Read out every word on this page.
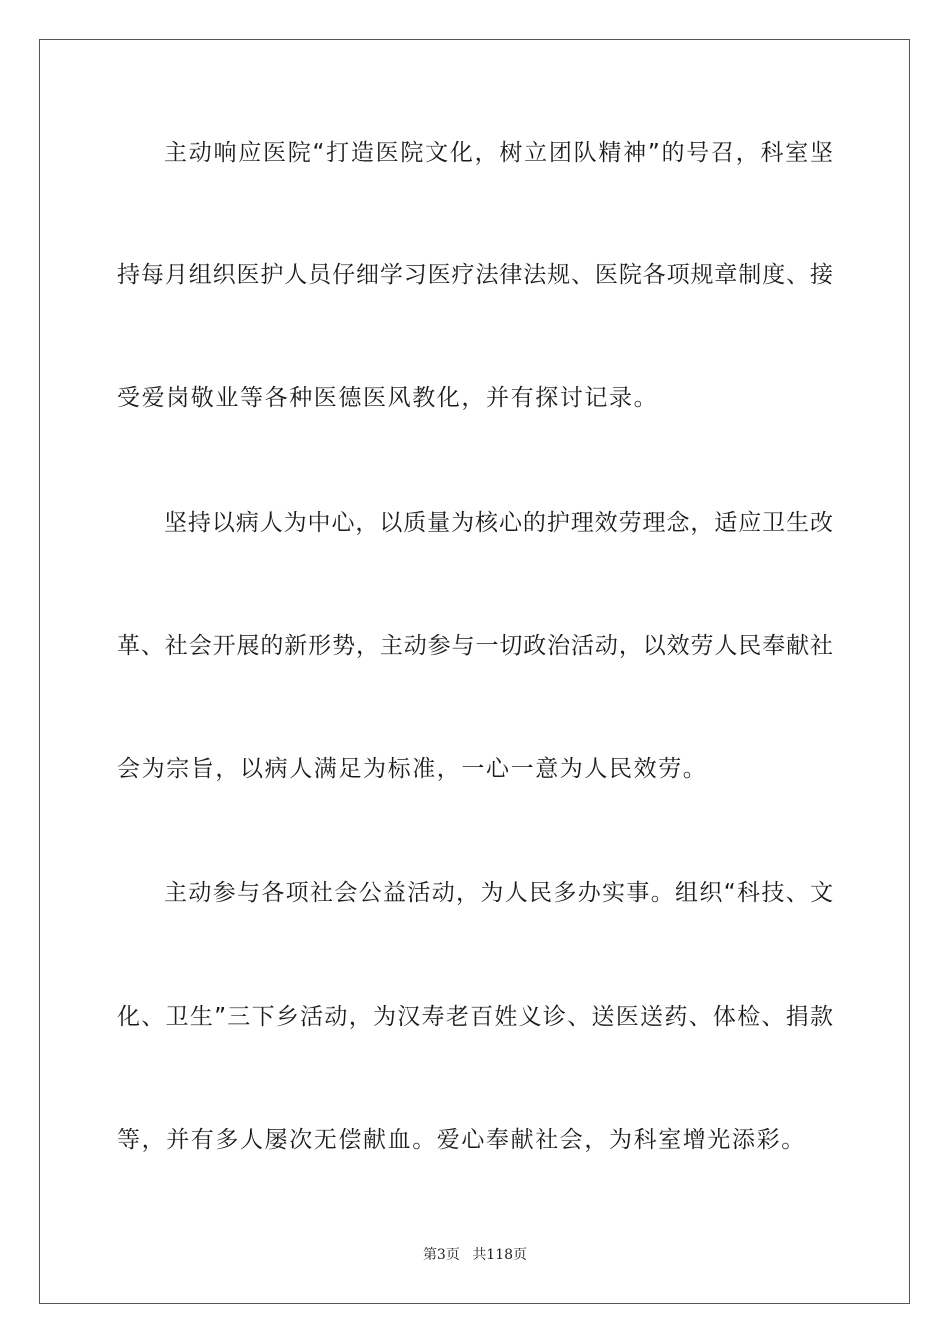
主动响应医院“打造医院文化，树立团队精神”的号召，科室坚
持每月组织医护人员仔细学习医疗法律法规、医院各项规章制度、接
受爱岗敬业等各种医德医风教化，并有探讨记录。
坚持以病人为中心，以质量为核心的护理效劳理念，适应卫生改
革、社会开展的新形势，主动参与一切政治活动，以效劳人民奉献社
会为宗旨，以病人满足为标准，一心一意为人民效劳。
主动参与各项社会公益活动，为人民多办实事。组织“科技、文
化、卫生”三下乡活动，为汉寿老百姓义诊、送医送药、体检、捐款
等，并有多人屡次无偿献血。爱心奉献社会，为科室增光添彩。
第3页 共118页
